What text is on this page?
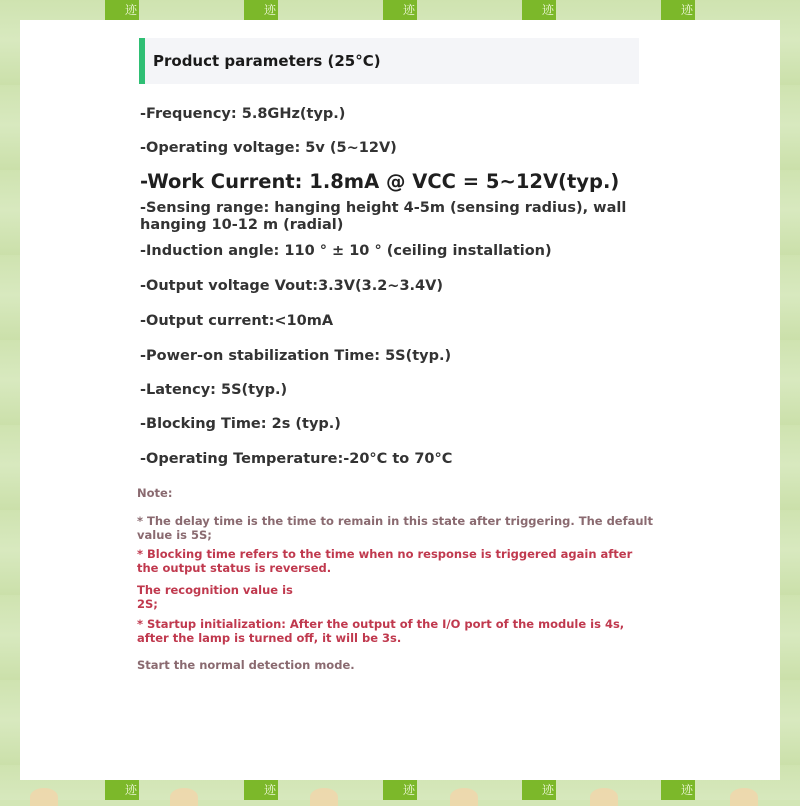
迹	迹	迹	迹	迹
迹	迹	迹	迹	迹
Product parameters (25°C)
-Frequency: 5.8GHz(typ.)
-Operating voltage: 5v (5~12V)
-Work Current: 1.8mA @ VCC = 5~12V(typ.)
-Sensing range: hanging height 4-5m (sensing radius), wall hanging 10-12 m (radial)
-Induction angle: 110 ° ± 10 ° (ceiling installation)
-Output voltage Vout:3.3V(3.2~3.4V)
-Output current:<10mA
-Power-on stabilization Time: 5S(typ.)
-Latency: 5S(typ.)
-Blocking Time: 2s (typ.)
-Operating Temperature:-20°C to 70°C
Note:
* The delay time is the time to remain in this state after triggering. The default value is 5S;
* Blocking time refers to the time when no response is triggered again after the output status is reversed.
The recognition value is 2S;
* Startup initialization: After the output of the I/O port of the module is 4s, after the lamp is turned off, it will be 3s.
Start the normal detection mode.
